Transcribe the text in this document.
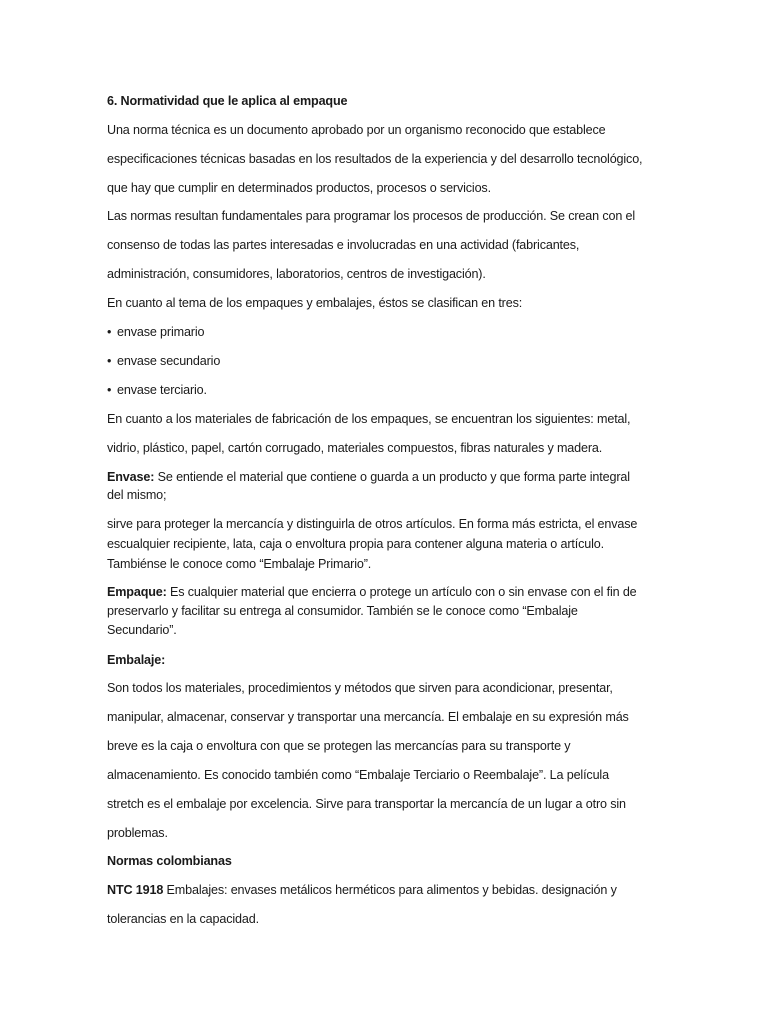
6. Normatividad que le aplica al empaque
Una norma técnica es un documento aprobado por un organismo reconocido que establece
especificaciones técnicas basadas en los resultados de la experiencia y del desarrollo tecnológico,
que hay que cumplir en determinados productos, procesos o servicios.
Las normas resultan fundamentales para programar los procesos de producción. Se crean con el
consenso de todas las partes interesadas e involucradas en una actividad (fabricantes,
administración, consumidores, laboratorios, centros de investigación).
En cuanto al tema de los empaques y embalajes, éstos se clasifican en tres:
• envase primario
• envase secundario
• envase terciario.
En cuanto a los materiales de fabricación de los empaques, se encuentran los siguientes: metal,
vidrio, plástico, papel, cartón corrugado, materiales compuestos, fibras naturales y madera.
Envase: Se entiende el material que contiene o guarda a un producto y que forma parte integral
del mismo;
sirve para proteger la mercancía y distinguirla de otros artículos. En forma más estricta, el envase
escualquier recipiente, lata, caja o envoltura propia para contener alguna materia o artículo.
Tambiénse le conoce como “Embalaje Primario”.
Empaque: Es cualquier material que encierra o protege un artículo con o sin envase con el fin de
preservarlo y facilitar su entrega al consumidor. También se le conoce como “Embalaje
Secundario”.
Embalaje:
Son todos los materiales, procedimientos y métodos que sirven para acondicionar, presentar,
manipular, almacenar, conservar y transportar una mercancía. El embalaje en su expresión más
breve es la caja o envoltura con que se protegen las mercancías para su transporte y
almacenamiento. Es conocido también como “Embalaje Terciario o Reembalaje”. La película
stretch es el embalaje por excelencia. Sirve para transportar la mercancía de un lugar a otro sin
problemas.
Normas colombianas
NTC 1918 Embalajes: envases metálicos herméticos para alimentos y bebidas. designación y
tolerancias en la capacidad.
